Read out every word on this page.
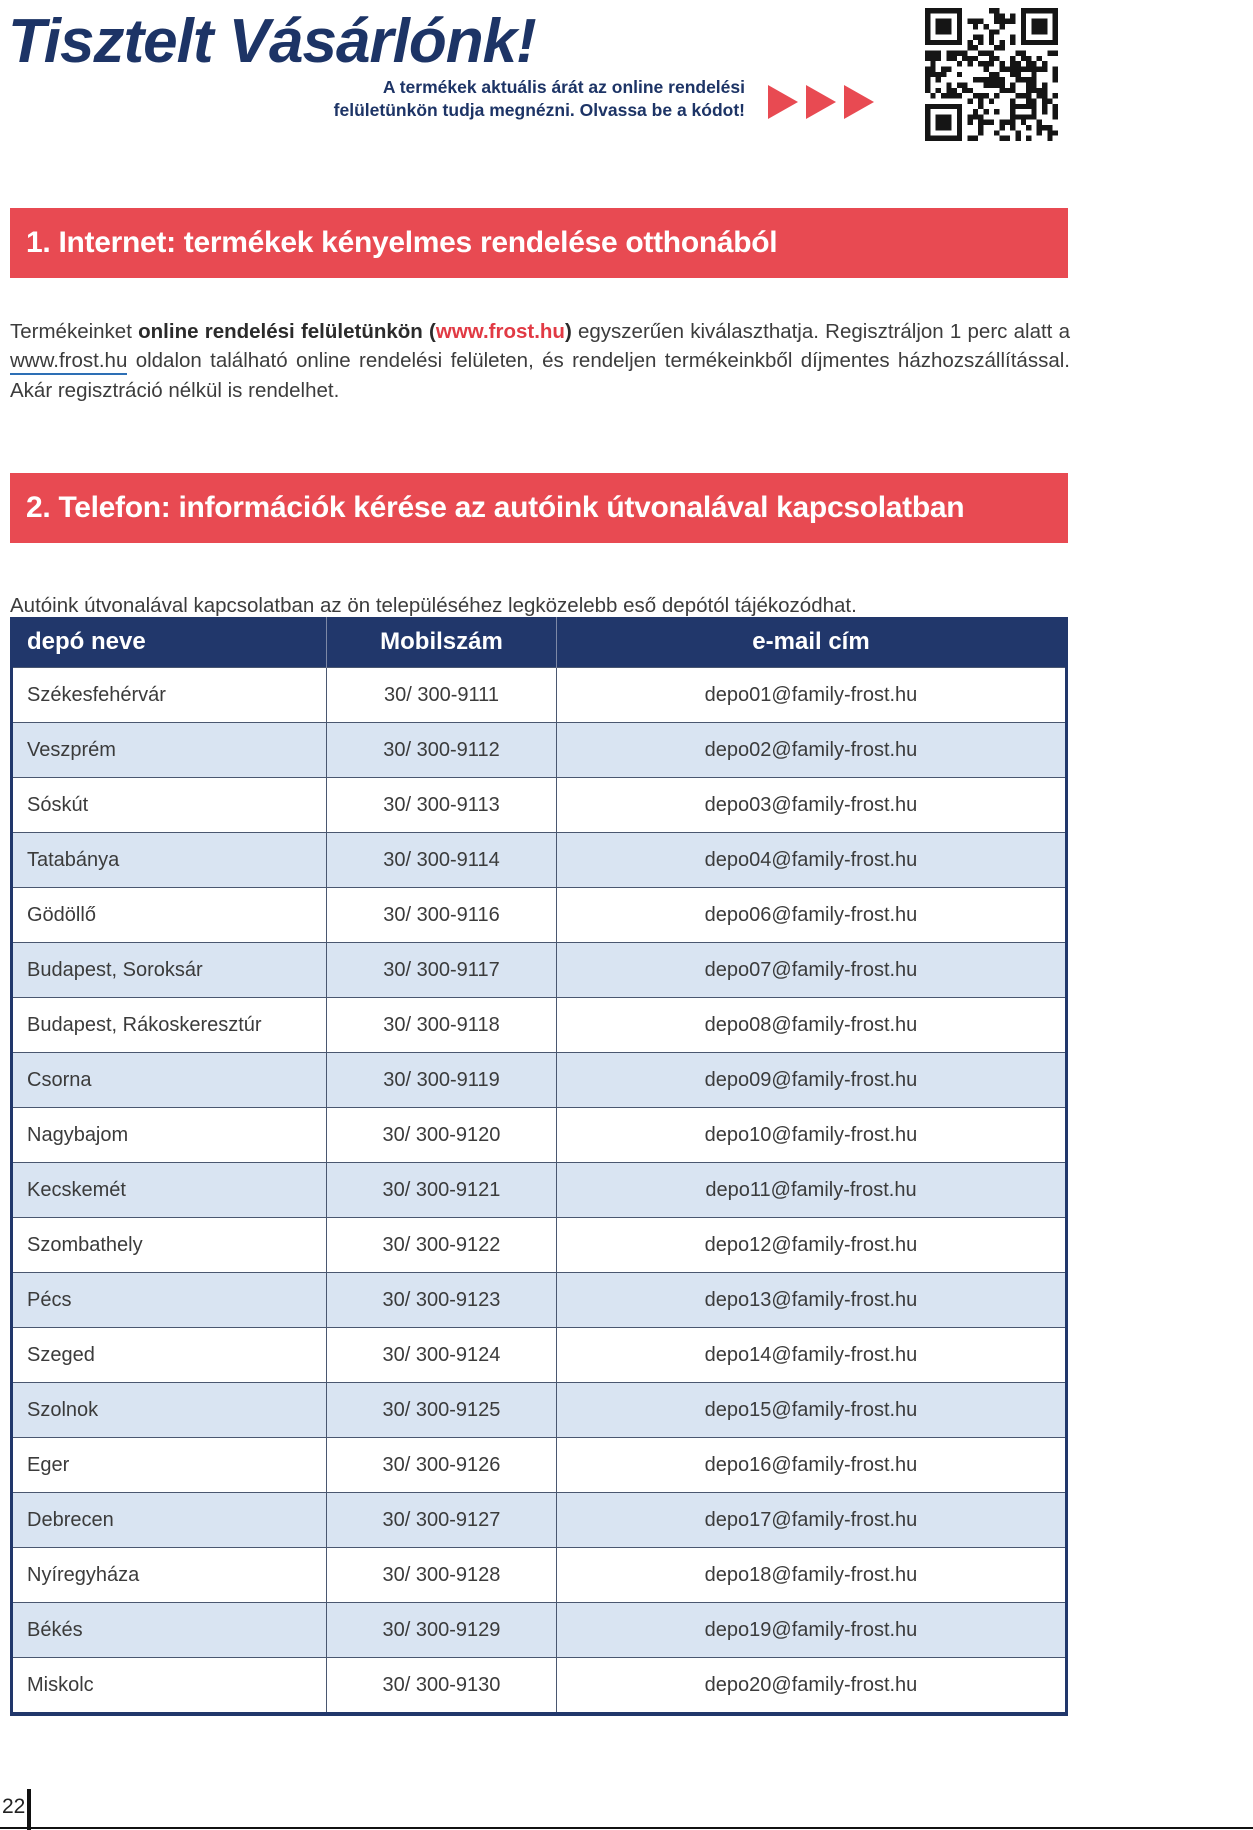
Tisztelt Vásárlónk!
A termékek aktuális árát az online rendelési
felületünkön tudja megnézni. Olvassa be a kódot!
1. Internet: termékek kényelmes rendelése otthonából

Termékeinket online rendelési felületünkön (www.frost.hu) egyszerűen kiválaszthatja. Regisztráljon 1 perc alatt a www.frost.hu oldalon található online rendelési felületen, és rendeljen termékeinkből díjmentes házhozszállítással. Akár regisztráció nélkül is rendelhet.

2. Telefon: információk kérése az autóink útvonalával kapcsolatban

Autóink útvonalával kapcsolatban az ön településéhez legközelebb eső depótól tájékozódhat.

depó neve	Mobilszám	e-mail cím
Székesfehérvár	30/ 300-9111	depo01@family-frost.hu
Veszprém	30/ 300-9112	depo02@family-frost.hu
Sóskút	30/ 300-9113	depo03@family-frost.hu
Tatabánya	30/ 300-9114	depo04@family-frost.hu
Gödöllő	30/ 300-9116	depo06@family-frost.hu
Budapest, Soroksár	30/ 300-9117	depo07@family-frost.hu
Budapest, Rákoskeresztúr	30/ 300-9118	depo08@family-frost.hu
Csorna	30/ 300-9119	depo09@family-frost.hu
Nagybajom	30/ 300-9120	depo10@family-frost.hu
Kecskemét	30/ 300-9121	depo11@family-frost.hu
Szombathely	30/ 300-9122	depo12@family-frost.hu
Pécs	30/ 300-9123	depo13@family-frost.hu
Szeged	30/ 300-9124	depo14@family-frost.hu
Szolnok	30/ 300-9125	depo15@family-frost.hu
Eger	30/ 300-9126	depo16@family-frost.hu
Debrecen	30/ 300-9127	depo17@family-frost.hu
Nyíregyháza	30/ 300-9128	depo18@family-frost.hu
Békés	30/ 300-9129	depo19@family-frost.hu
Miskolc	30/ 300-9130	depo20@family-frost.hu
22
